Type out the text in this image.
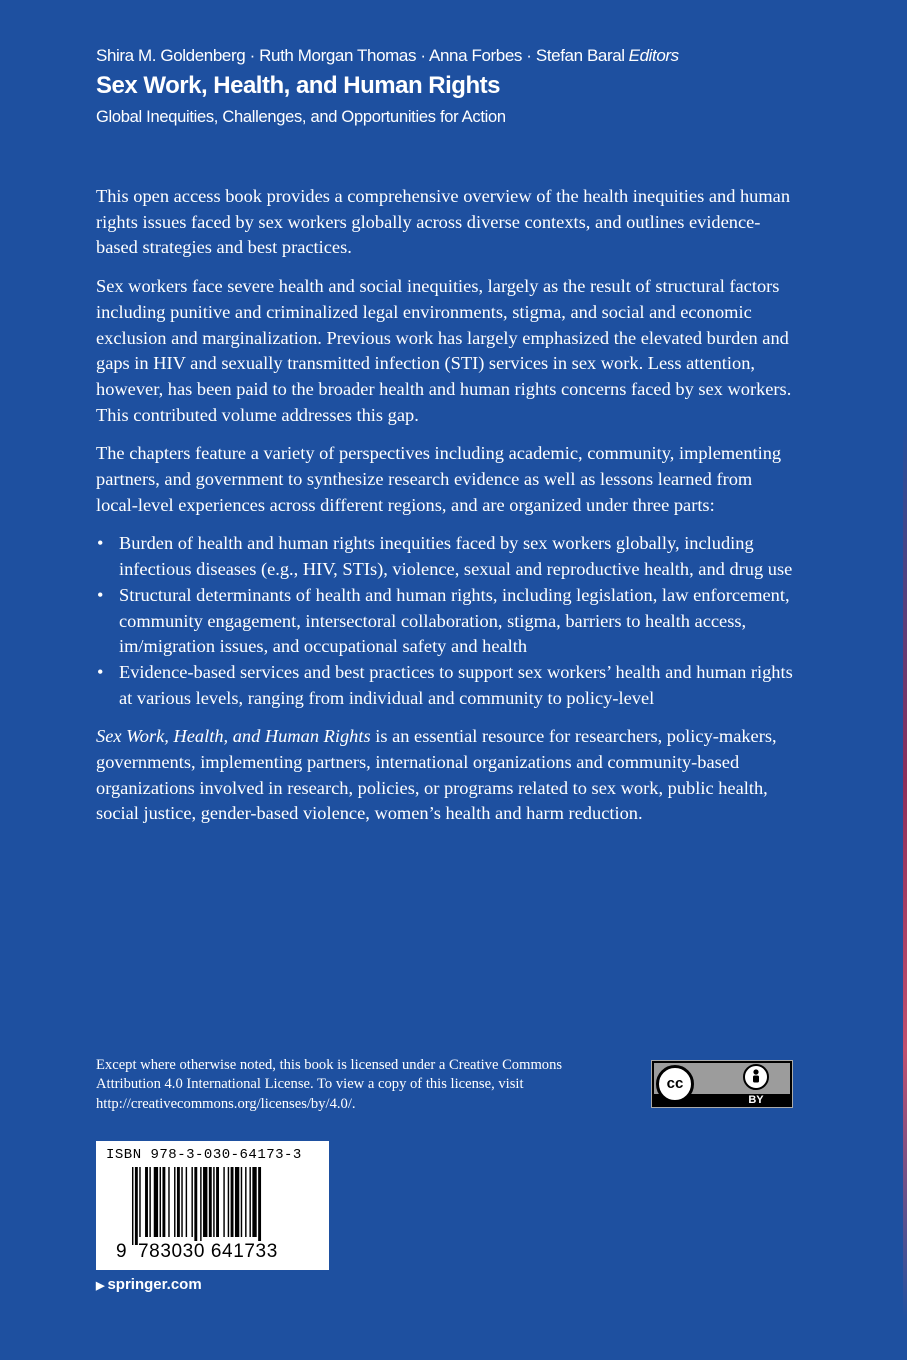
Shira M. Goldenberg · Ruth Morgan Thomas · Anna Forbes · Stefan Baral Editors

Sex Work, Health, and Human Rights

Global Inequities, Challenges, and Opportunities for Action

This open access book provides a comprehensive overview of the health inequities and human rights issues faced by sex workers globally across diverse contexts, and outlines evidence-based strategies and best practices.

Sex workers face severe health and social inequities, largely as the result of structural factors including punitive and criminalized legal environments, stigma, and social and economic exclusion and marginalization. Previous work has largely emphasized the elevated burden and gaps in HIV and sexually transmitted infection (STI) services in sex work. Less attention, however, has been paid to the broader health and human rights concerns faced by sex workers. This contributed volume addresses this gap.

The chapters feature a variety of perspectives including academic, community, implementing partners, and government to synthesize research evidence as well as lessons learned from local-level experiences across different regions, and are organized under three parts:

• Burden of health and human rights inequities faced by sex workers globally, including infectious diseases (e.g., HIV, STIs), violence, sexual and reproductive health, and drug use
• Structural determinants of health and human rights, including legislation, law enforcement, community engagement, intersectoral collaboration, stigma, barriers to health access, im/migration issues, and occupational safety and health
• Evidence-based services and best practices to support sex workers’ health and human rights at various levels, ranging from individual and community to policy-level

Sex Work, Health, and Human Rights is an essential resource for researchers, policy-makers, governments, implementing partners, international organizations and community-based organizations involved in research, policies, or programs related to sex work, public health, social justice, gender-based violence, women’s health and harm reduction.

Except where otherwise noted, this book is licensed under a Creative Commons Attribution 4.0 International License. To view a copy of this license, visit http://creativecommons.org/licenses/by/4.0/.
cc
BY
ISBN 978-3-030-64173-3
9 783030 641733
▶ springer.com
